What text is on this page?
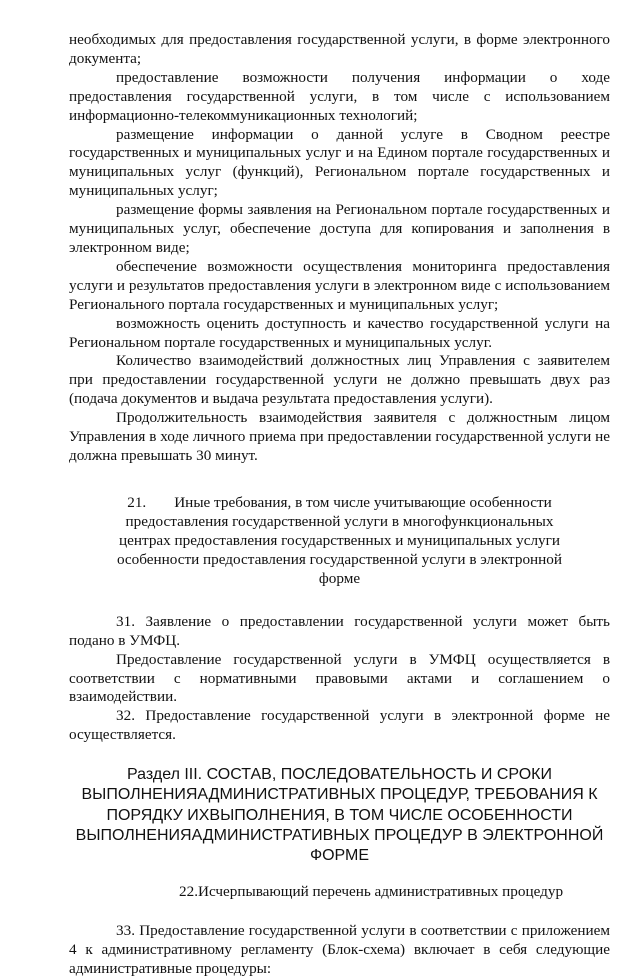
необходимых для предоставления государственной услуги, в форме электронного документа;

предоставление возможности получения информации о ходе предоставления государственной услуги, в том числе с использованием информационно-телекоммуникационных технологий;

размещение информации о данной услуге в Сводном реестре государственных и муниципальных услуг и на Едином портале государственных и муниципальных услуг (функций), Региональном портале государственных и муниципальных услуг;

размещение формы заявления на Региональном портале государственных и муниципальных услуг, обеспечение доступа для копирования и заполнения в электронном виде;

обеспечение возможности осуществления мониторинга предоставления услуги и результатов предоставления услуги в электронном виде с использованием Регионального портала государственных и муниципальных услуг;

возможность оценить доступность и качество государственной услуги на Региональном портале государственных и муниципальных услуг.

Количество взаимодействий должностных лиц Управления с заявителем при предоставлении государственной услуги не должно превышать двух раз (подача документов и выдача результата предоставления услуги).

Продолжительность взаимодействия заявителя с должностным лицом Управления в ходе личного приема при предоставлении государственной услуги не должна превышать 30 минут.

21. Иные требования, в том числе учитывающие особенности предоставления государственной услуги в многофункциональных центрах предоставления государственных и муниципальных услуги особенности предоставления государственной услуги в электронной форме

31. Заявление о предоставлении государственной услуги может быть подано в УМФЦ.

Предоставление государственной услуги в УМФЦ осуществляется в соответствии с нормативными правовыми актами и соглашением о взаимодействии.

32. Предоставление государственной услуги в электронной форме не осуществляется.

Раздел III. СОСТАВ, ПОСЛЕДОВАТЕЛЬНОСТЬ И СРОКИ ВЫПОЛНЕНИЯАДМИНИСТРАТИВНЫХ ПРОЦЕДУР, ТРЕБОВАНИЯ К ПОРЯДКУ ИХВЫПОЛНЕНИЯ, В ТОМ ЧИСЛЕ ОСОБЕННОСТИ ВЫПОЛНЕНИЯАДМИНИСТРАТИВНЫХ ПРОЦЕДУР В ЭЛЕКТРОННОЙ ФОРМЕ
22.Исчерпывающий перечень административных процедур

33. Предоставление государственной услуги в соответствии с приложением 4 к административному регламенту (Блок-схема) включает в себя следующие административные процедуры:
